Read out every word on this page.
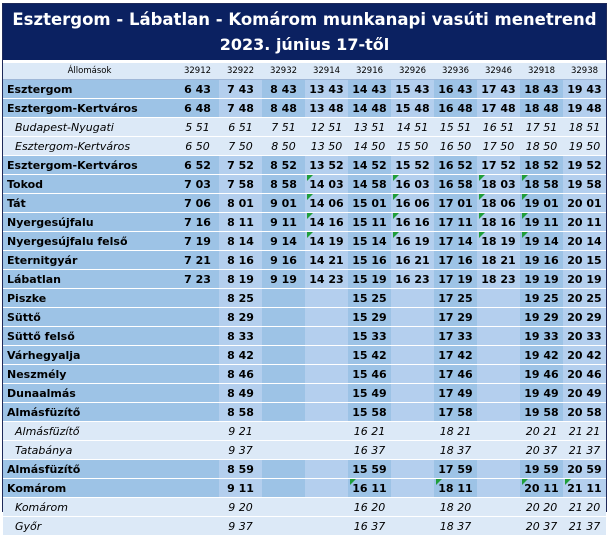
Esztergom - Lábatlan - Komárom munkanapi vasúti menetrend
2023. június 17-től
Állomások	32912	32922	32932	32914	32916	32926	32936	32946	32918	32938
Esztergom	6 43	7 43	8 43	13 43	14 43	15 43	16 43	17 43	18 43	19 43
Esztergom-Kertváros	6 48	7 48	8 48	13 48	14 48	15 48	16 48	17 48	18 48	19 48
Budapest-Nyugati	5 51	6 51	7 51	12 51	13 51	14 51	15 51	16 51	17 51	18 51
Esztergom-Kertváros	6 50	7 50	8 50	13 50	14 50	15 50	16 50	17 50	18 50	19 50
Esztergom-Kertváros	6 52	7 52	8 52	13 52	14 52	15 52	16 52	17 52	18 52	19 52
Tokod	7 03	7 58	8 58	14 03	14 58	16 03	16 58	18 03	18 58	19 58
Tát	7 06	8 01	9 01	14 06	15 01	16 06	17 01	18 06	19 01	20 01
Nyergesújfalu	7 16	8 11	9 11	14 16	15 11	16 16	17 11	18 16	19 11	20 11
Nyergesújfalu felső	7 19	8 14	9 14	14 19	15 14	16 19	17 14	18 19	19 14	20 14
Eternitgyár	7 21	8 16	9 16	14 21	15 16	16 21	17 16	18 21	19 16	20 15
Lábatlan	7 23	8 19	9 19	14 23	15 19	16 23	17 19	18 23	19 19	20 19
Piszke		8 25			15 25		17 25		19 25	20 25
Süttő		8 29			15 29		17 29		19 29	20 29
Süttő felső		8 33			15 33		17 33		19 33	20 33
Várhegyalja		8 42			15 42		17 42		19 42	20 42
Neszmély		8 46			15 46		17 46		19 46	20 46
Dunaalmás		8 49			15 49		17 49		19 49	20 49
Almásfüzítő		8 58			15 58		17 58		19 58	20 58
Almásfüzítő		9 21			16 21		18 21		20 21	21 21
Tatabánya		9 37			16 37		18 37		20 37	21 37
Almásfüzítő		8 59			15 59		17 59		19 59	20 59
Komárom		9 11			16 11		18 11		20 11	21 11
Komárom		9 20			16 20		18 20		20 20	21 20
Győr		9 37			16 37		18 37		20 37	21 37
